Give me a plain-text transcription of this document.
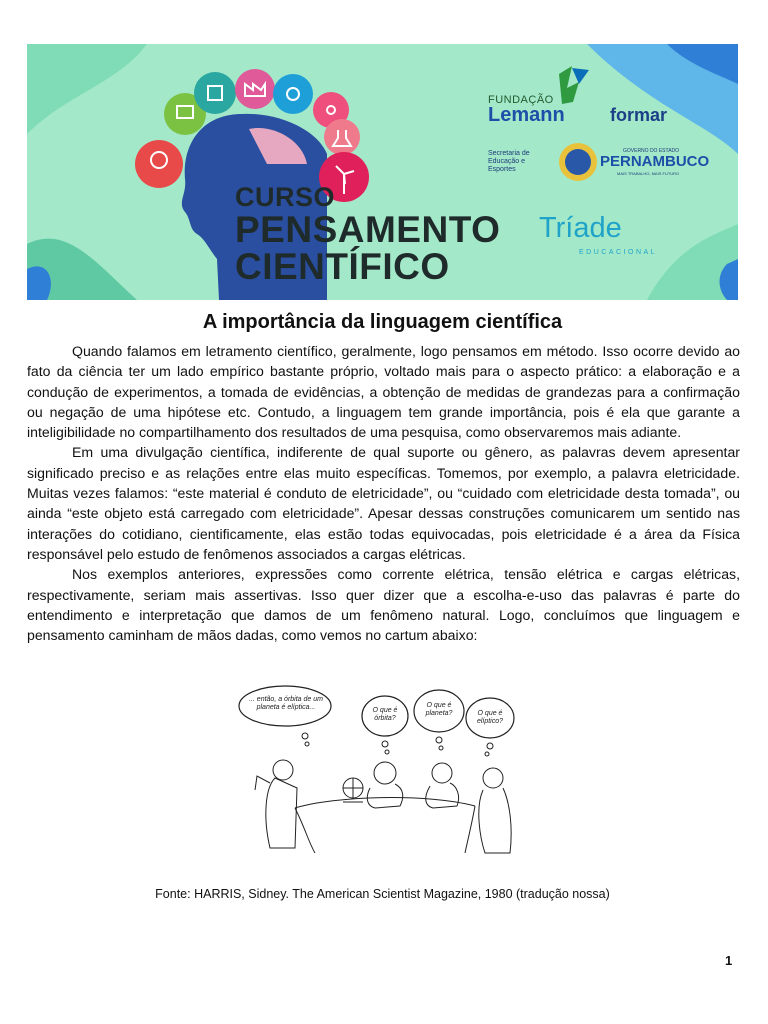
CURSO
PENSAMENTO
CIENTÍFICO
FUNDAÇÃO
Lemann	formar
Secretaria de Educação e Esportes
GOVERNO DO ESTADO
PERNAMBUCO
MAIS TRABALHO, MAIS FUTURO
Tríade
EDUCACIONAL
A importância da linguagem científica

Quando falamos em letramento científico, geralmente, logo pensamos em método. Isso ocorre devido ao fato da ciência ter um lado empírico bastante próprio, voltado mais para o aspecto prático: a elaboração e a condução de experimentos, a tomada de evidências, a obtenção de medidas de grandezas para a confirmação ou negação de uma hipótese etc. Contudo, a linguagem tem grande importância, pois é ela que garante a inteligibilidade no compartilhamento dos resultados de uma pesquisa, como observaremos mais adiante.

Em uma divulgação científica, indiferente de qual suporte ou gênero, as palavras devem apresentar significado preciso e as relações entre elas muito específicas. Tomemos, por exemplo, a palavra eletricidade. Muitas vezes falamos: “este material é conduto de eletricidade”, ou “cuidado com eletricidade desta tomada”, ou ainda “este objeto está carregado com eletricidade”. Apesar dessas construções comunicarem um sentido nas interações do cotidiano, cientificamente, elas estão todas equivocadas, pois eletricidade é a área da Física responsável pelo estudo de fenômenos associados a cargas elétricas.

Nos exemplos anteriores, expressões como corrente elétrica, tensão elétrica e cargas elétricas, respectivamente, seriam mais assertivas. Isso quer dizer que a escolha-e-uso das palavras é parte do entendimento e interpretação que damos de um fenômeno natural. Logo, concluímos que linguagem e pensamento caminham de mãos dadas, como vemos no cartum abaixo:

... então, a órbita de um planeta é elíptica...	O que é órbita?
O que é planeta?	O que é elíptico?
Fonte: HARRIS, Sidney. The American Scientist Magazine, 1980 (tradução nossa)
1
